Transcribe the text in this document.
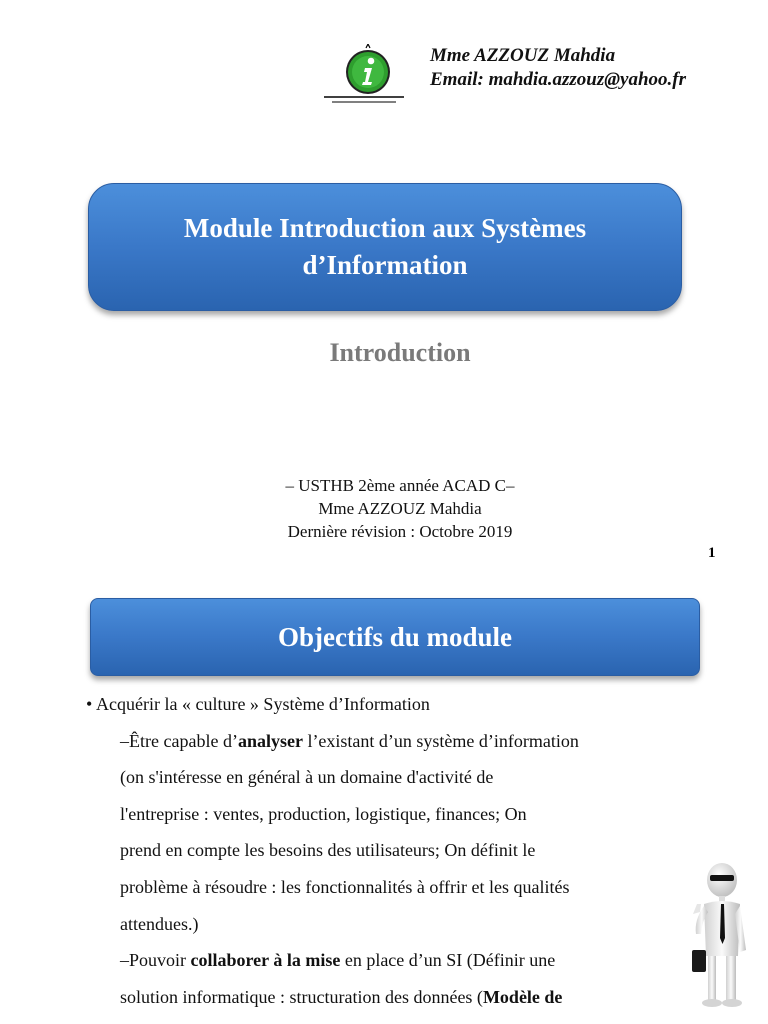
Mme AZZOUZ Mahdia
Email: mahdia.azzouz@yahoo.fr
Module Introduction aux Systèmes
d’Information
Introduction
– USTHB 2ème année ACAD C–
Mme AZZOUZ Mahdia
Dernière révision : Octobre 2019
1
Objectifs du module

• Acquérir la « culture » Système d’Information

–Être capable d’analyser l’existant d’un système d’information

(on s'intéresse en général à un domaine d'activité de

l'entreprise : ventes, production, logistique, finances; On

prend en compte les besoins des utilisateurs; On définit le

problème à résoudre : les fonctionnalités à offrir et les qualités

attendues.)

–Pouvoir collaborer à la mise en place d’un SI (Définir une

solution informatique : structuration des données (Modèle de
